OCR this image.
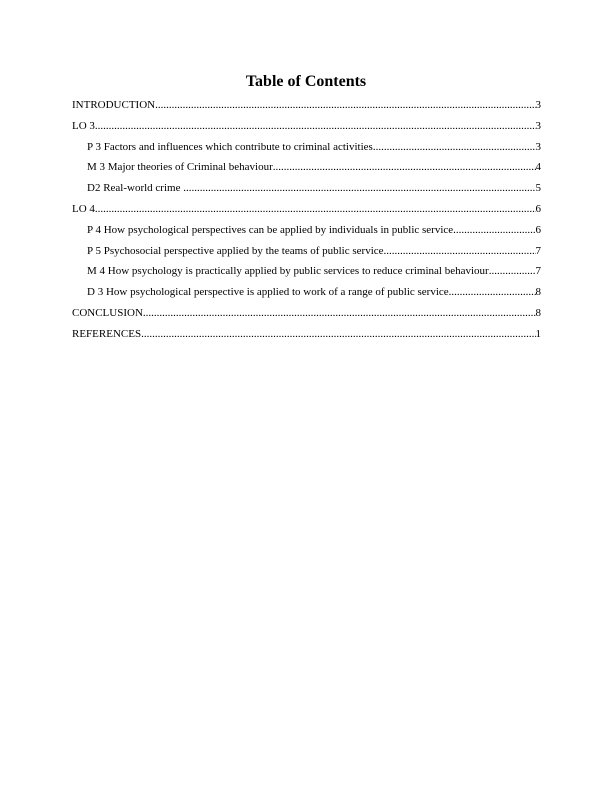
Table of Contents
INTRODUCTION .....	3
LO 3 .....	3
P 3 Factors and influences which contribute to criminal activities .....	3
M 3 Major theories of Criminal behaviour .....	4
D2 Real-world crime .....	5
LO 4 .....	6
P 4 How psychological perspectives can be applied by individuals in public service .....	6
P 5 Psychosocial perspective applied by the teams of public service .....	7
M 4 How psychology is practically applied by public services to reduce criminal behaviour .....	7
D 3 How psychological perspective is applied to work of a range of public service .....	8
CONCLUSION .....	8
REFERENCES .....	1
